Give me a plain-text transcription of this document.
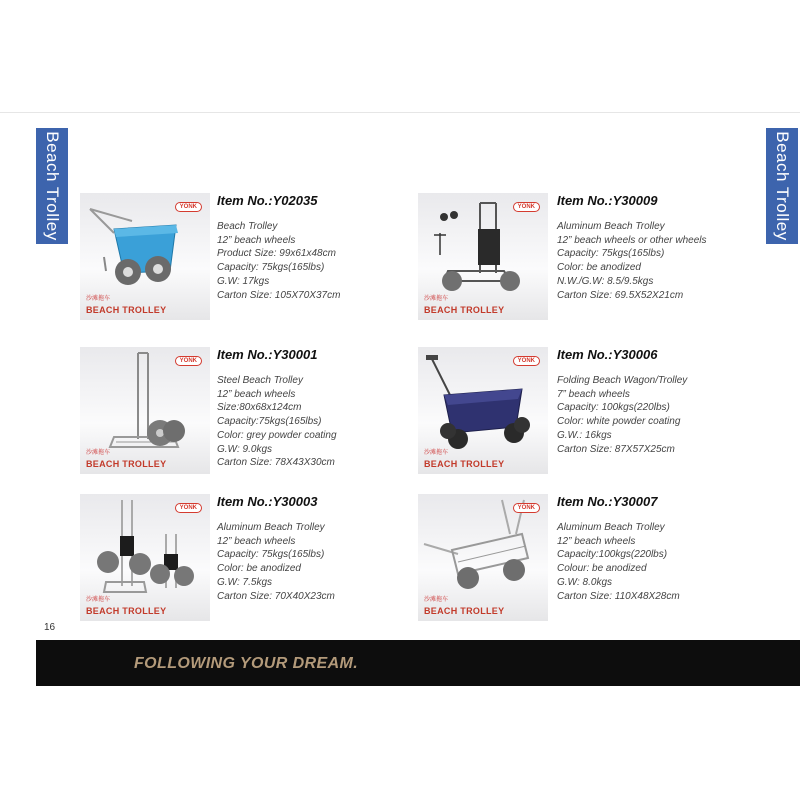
Beach Trolley	Beach Trolley
YONK
沙滩拖车
BEACH TROLLEY
Item No.:Y02035
Beach Trolley
12” beach wheels
Product Size: 99x61x48cm
Capacity: 75kgs(165lbs)
G.W: 17kgs
Carton Size: 105X70X37cm
YONK
沙滩拖车
BEACH TROLLEY
Item No.:Y30009
Aluminum Beach Trolley
12” beach wheels or other wheels
Capacity: 75kgs(165lbs)
Color: be anodized
N.W./G.W: 8.5/9.5kgs
Carton Size: 69.5X52X21cm
YONK
沙滩拖车
BEACH TROLLEY
Item No.:Y30001
Steel Beach Trolley
12” beach wheels
Size:80x68x124cm
Capacity:75kgs(165lbs)
Color: grey powder coating
G.W: 9.0kgs
Carton Size: 78X43X30cm
YONK
沙滩拖车
BEACH TROLLEY
Item No.:Y30006
Folding Beach Wagon/Trolley
7” beach wheels
Capacity: 100kgs(220lbs)
Color: white powder coating
G.W.: 16kgs
Carton Size: 87X57X25cm
YONK
沙滩拖车
BEACH TROLLEY
Item No.:Y30003
Aluminum Beach Trolley
12” beach wheels
Capacity: 75kgs(165lbs)
Color: be anodized
G.W: 7.5kgs
Carton Size: 70X40X23cm
YONK
沙滩拖车
BEACH TROLLEY
Item No.:Y30007
Aluminum Beach Trolley
12” beach wheels
Capacity:100kgs(220lbs)
Colour: be anodized
G.W: 8.0kgs
Carton Size: 110X48X28cm
16
FOLLOWING YOUR DREAM.
